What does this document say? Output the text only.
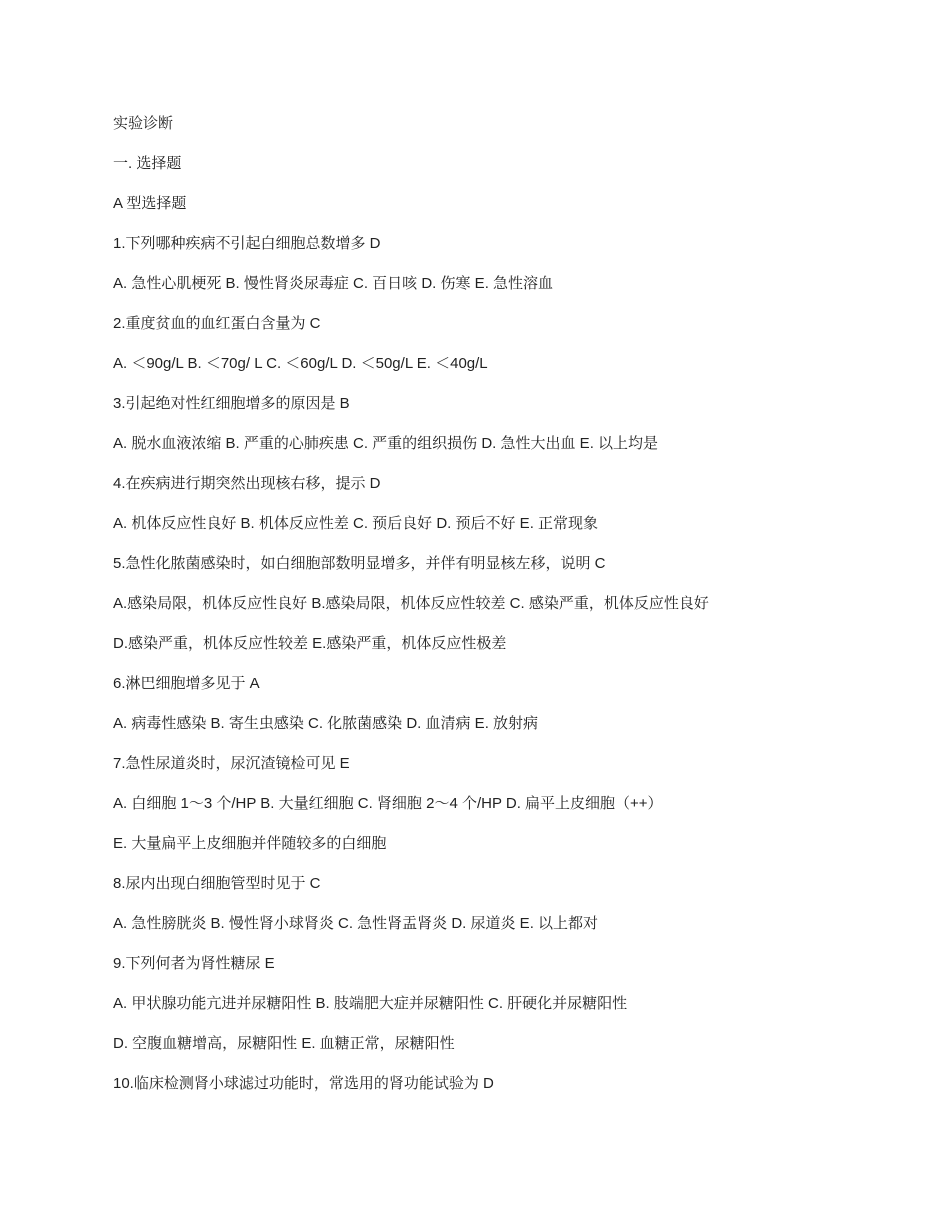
实验诊断
一. 选择题
A 型选择题
1.下列哪种疾病不引起白细胞总数增多 D
A. 急性心肌梗死 B. 慢性肾炎尿毒症 C. 百日咳 D. 伤寒 E. 急性溶血
2.重度贫血的血红蛋白含量为 C
A. ＜90g/L B. ＜70g/ L C. ＜60g/L D. ＜50g/L E. ＜40g/L
3.引起绝对性红细胞增多的原因是 B
A. 脱水血液浓缩 B. 严重的心肺疾患 C. 严重的组织损伤 D. 急性大出血 E. 以上均是
4.在疾病进行期突然出现核右移，提示 D
A. 机体反应性良好 B. 机体反应性差 C. 预后良好 D. 预后不好 E. 正常现象
5.急性化脓菌感染时，如白细胞部数明显增多，并伴有明显核左移，说明 C
A.感染局限，机体反应性良好 B.感染局限，机体反应性较差 C. 感染严重，机体反应性良好
D.感染严重，机体反应性较差 E.感染严重，机体反应性极差
6.淋巴细胞增多见于 A
A. 病毒性感染 B. 寄生虫感染 C. 化脓菌感染 D. 血清病 E. 放射病
7.急性尿道炎时，尿沉渣镜检可见 E
A. 白细胞 1～3 个/HP B. 大量红细胞 C. 肾细胞 2～4 个/HP D. 扁平上皮细胞（++）
E. 大量扁平上皮细胞并伴随较多的白细胞
8.尿内出现白细胞管型时见于 C
A. 急性膀胱炎 B. 慢性肾小球肾炎 C. 急性肾盂肾炎 D. 尿道炎 E. 以上都对
9.下列何者为肾性糖尿 E
A. 甲状腺功能亢进并尿糖阳性 B. 肢端肥大症并尿糖阳性 C. 肝硬化并尿糖阳性
D. 空腹血糖增高，尿糖阳性 E. 血糖正常，尿糖阳性
10.临床检测肾小球滤过功能时，常选用的肾功能试验为 D
